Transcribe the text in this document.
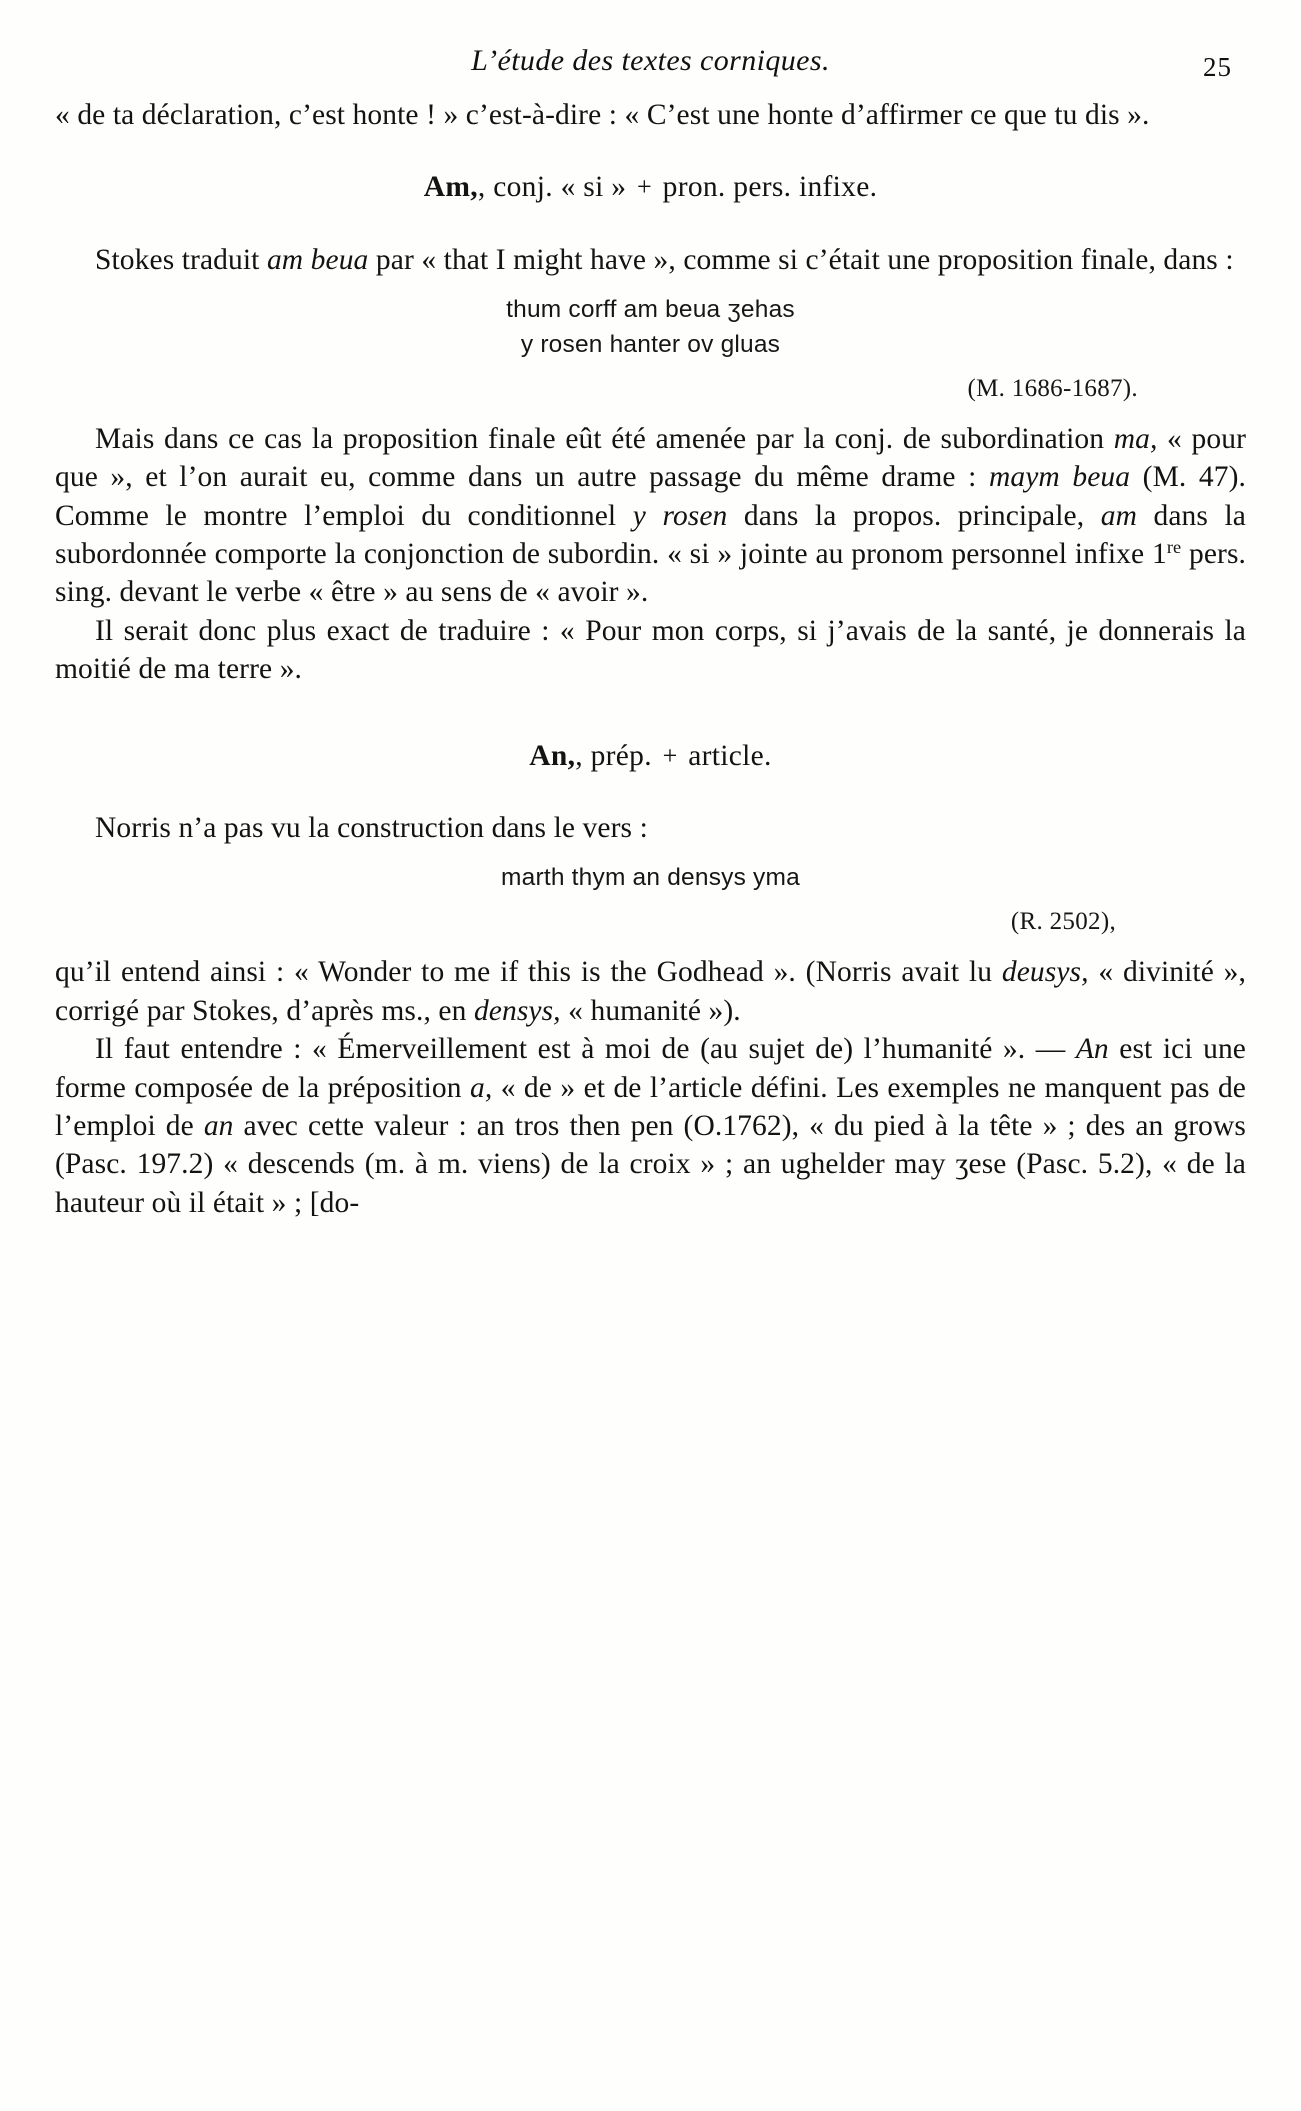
L’étude des textes corniques.	25

« de ta déclaration, c’est honte ! » c’est-à-dire : « C’est une honte d’affirmer ce que tu dis ».

Am,, conj. « si » + pron. pers. infixe.

Stokes traduit am beua par « that I might have », comme si c’était une proposition finale, dans :

thum corff am beua ʒehas
y rosen hanter ov gluas
(M. 1686-1687).

Mais dans ce cas la proposition finale eût été amenée par la conj. de subordination ma, « pour que », et l’on aurait eu, comme dans un autre passage du même drame : maym beua (M. 47). Comme le montre l’emploi du conditionnel y rosen dans la propos. principale, am dans la subordonnée comporte la conjonction de subordin. « si » jointe au pronom personnel infixe 1re pers. sing. devant le verbe « être » au sens de « avoir ».

Il serait donc plus exact de traduire : « Pour mon corps, si j’avais de la santé, je donnerais la moitié de ma terre ».

An,, prép. + article.

Norris n’a pas vu la construction dans le vers :

marth thym an densys yma
(R. 2502),

qu’il entend ainsi : « Wonder to me if this is the Godhead ». (Norris avait lu deusys, « divinité », corrigé par Stokes, d’après ms., en densys, « humanité »).

Il faut entendre : « Émerveillement est à moi de (au sujet de) l’humanité ». — An est ici une forme composée de la préposition a, « de » et de l’article défini. Les exemples ne manquent pas de l’emploi de an avec cette valeur : an tros then pen (O.1762), « du pied à la tête » ; des an grows (Pasc. 197.2) « descends (m. à m. viens) de la croix » ; an ughelder may ʒese (Pasc. 5.2), « de la hauteur où il était » ; [do-
